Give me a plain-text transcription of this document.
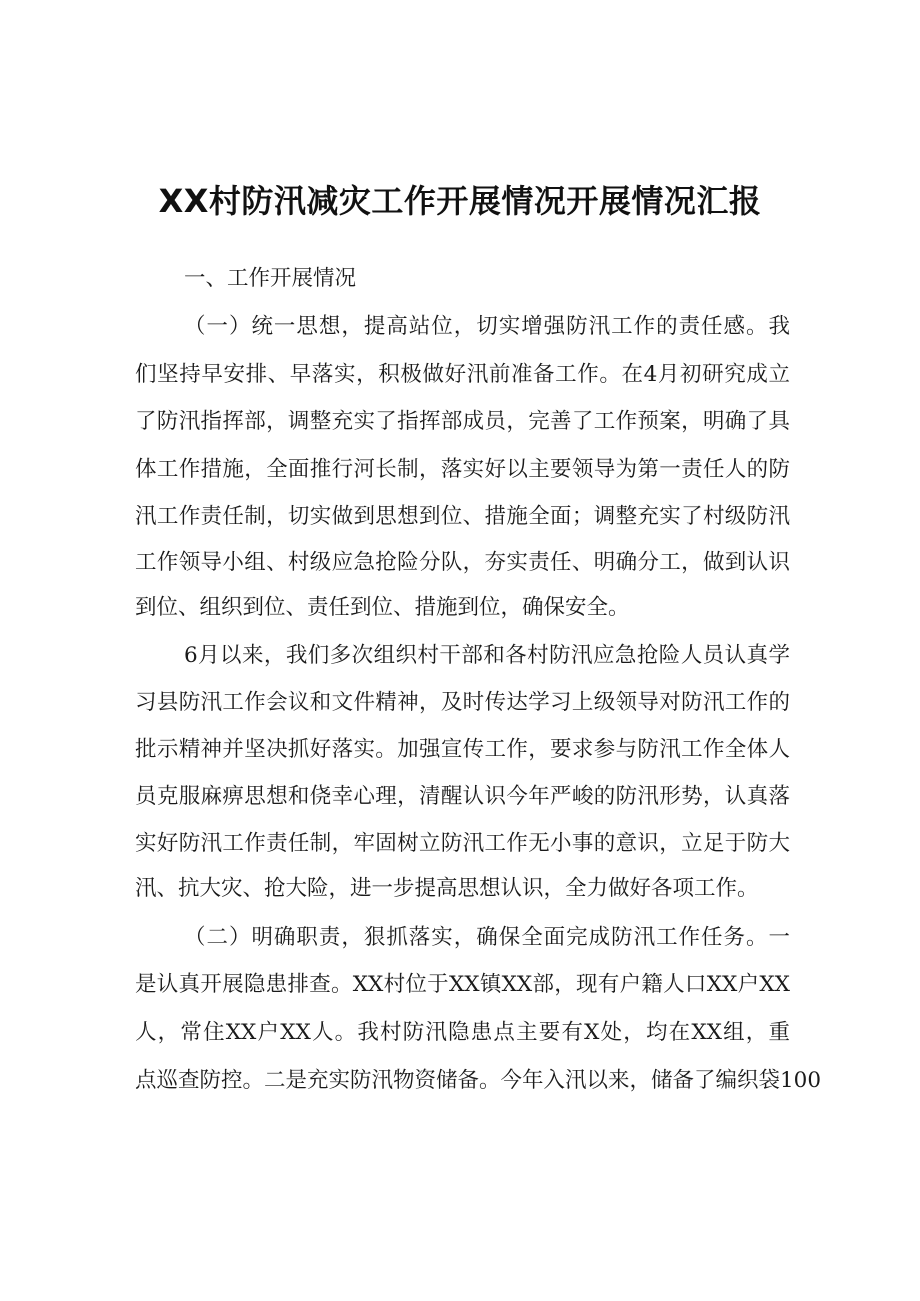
XX村防汛减灾工作开展情况开展情况汇报
一、工作开展情况
（一）统一思想，提高站位，切实增强防汛工作的责任感。我
们坚持早安排、早落实，积极做好汛前准备工作。在4月初研究成立
了防汛指挥部，调整充实了指挥部成员，完善了工作预案，明确了具
体工作措施，全面推行河长制，落实好以主要领导为第一责任人的防
汛工作责任制，切实做到思想到位、措施全面；调整充实了村级防汛
工作领导小组、村级应急抢险分队，夯实责任、明确分工，做到认识
到位、组织到位、责任到位、措施到位，确保安全。
6月以来，我们多次组织村干部和各村防汛应急抢险人员认真学
习县防汛工作会议和文件精神，及时传达学习上级领导对防汛工作的
批示精神并坚决抓好落实。加强宣传工作，要求参与防汛工作全体人
员克服麻痹思想和侥幸心理，清醒认识今年严峻的防汛形势，认真落
实好防汛工作责任制，牢固树立防汛工作无小事的意识，立足于防大
汛、抗大灾、抢大险，进一步提高思想认识，全力做好各项工作。
（二）明确职责，狠抓落实，确保全面完成防汛工作任务。一
是认真开展隐患排查。XX村位于XX镇XX部，现有户籍人口XX户XX
人，常住XX户XX人。我村防汛隐患点主要有X处，均在XX组，重
点巡查防控。二是充实防汛物资储备。今年入汛以来，储备了编织袋100
